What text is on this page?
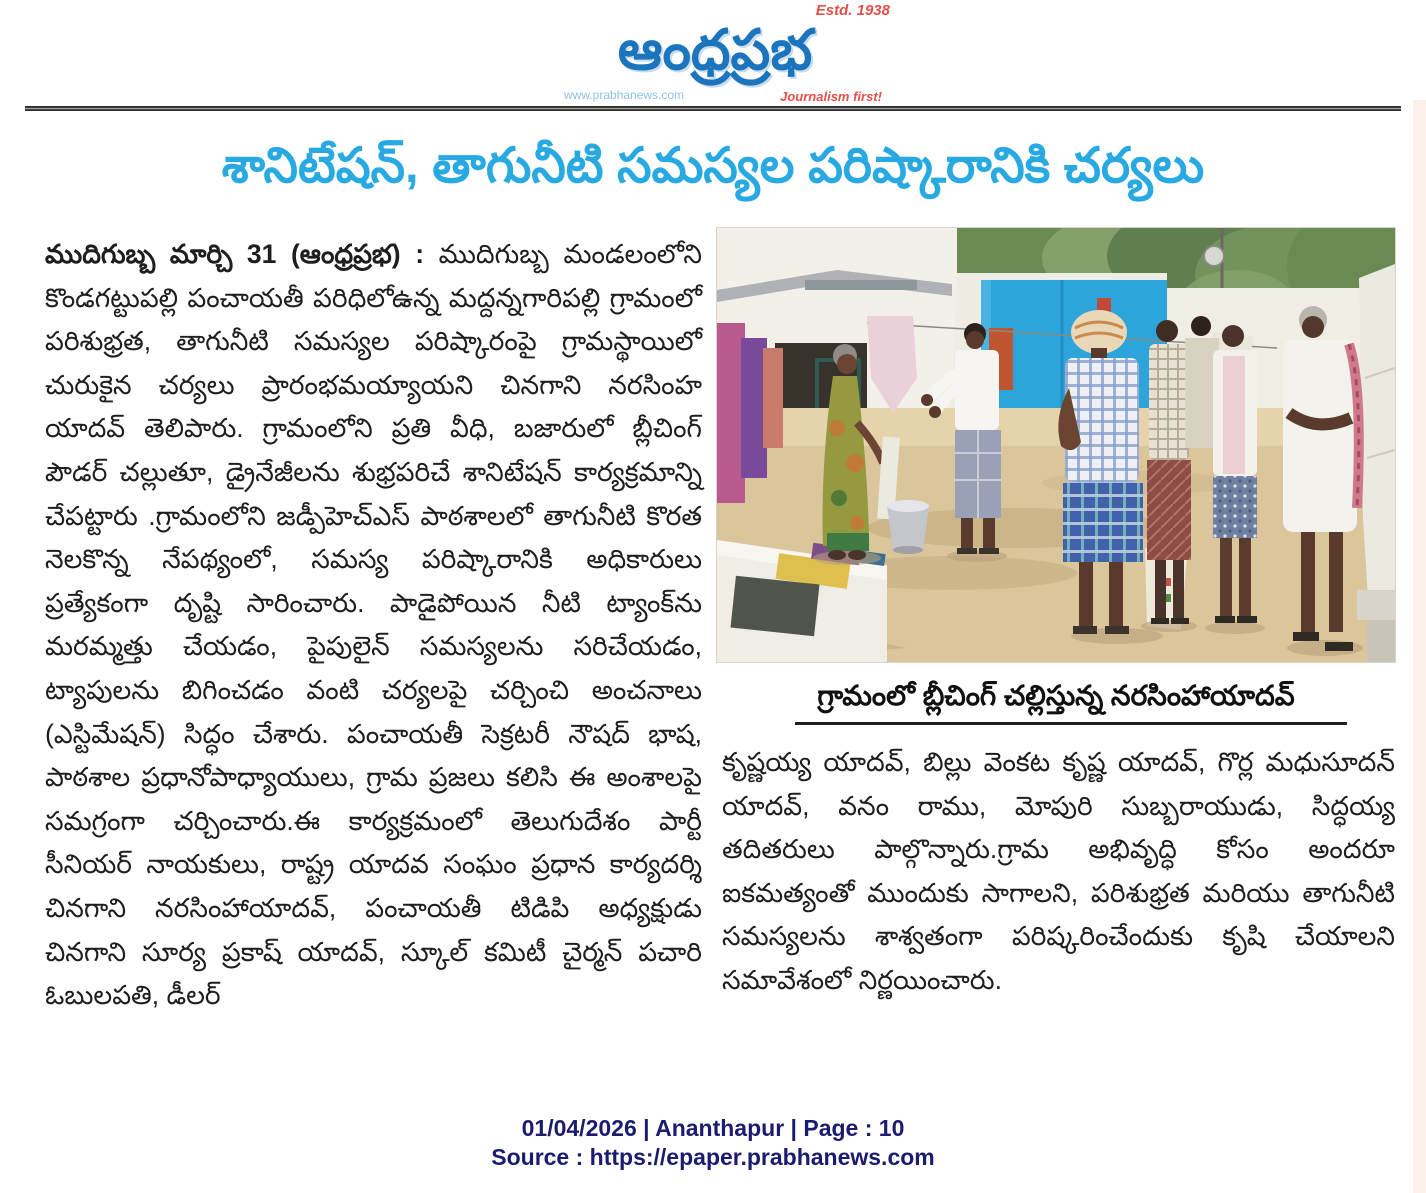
Estd. 1938
ఆంధ్రప్రభ
www.prabhanews.com	Journalism first!
శానిటేషన్, తాగునీటి సమస్యల పరిష్కారానికి చర్యలు
ముదిగుబ్బ మార్చి 31 (ఆంధ్రప్రభ) : ముదిగుబ్బ మండలంలోని కొండగట్టుపల్లి పంచాయతీ పరిధిలోఉన్న మద్దన్నగారిపల్లి గ్రామంలో పరిశుభ్రత, తాగునీటి సమస్యల పరిష్కారంపై గ్రామస్థాయిలో చురుకైన చర్యలు ప్రారంభమయ్యాయని చినగాని నరసింహ యాదవ్ తెలిపారు. గ్రామంలోని ప్రతి వీధి, బజారులో బ్లీచింగ్ పౌడర్ చల్లుతూ, డ్రైనేజీలను శుభ్రపరిచే శానిటేషన్ కార్యక్రమాన్ని చేపట్టారు .గ్రామంలోని జడ్పీహెచ్ఎస్ పాఠశాలలో తాగునీటి కొరత నెలకొన్న నేపథ్యంలో, సమస్య పరిష్కారానికి అధికారులు ప్రత్యేకంగా దృష్టి సారించారు. పాడైపోయిన నీటి ట్యాంక్‌ను మరమ్మత్తు చేయడం, పైపులైన్ సమస్యలను సరిచేయడం, ట్యాపులను బిగించడం వంటి చర్యలపై చర్చించి అంచనాలు (ఎస్టిమేషన్) సిద్ధం చేశారు. పంచాయతీ సెక్రటరీ నౌషద్ భాష, పాఠశాల ప్రధానోపాధ్యాయులు, గ్రామ ప్రజలు కలిసి ఈ అంశాలపై సమగ్రంగా చర్చించారు.ఈ కార్యక్రమంలో తెలుగుదేశం పార్టీ సీనియర్ నాయకులు, రాష్ట్ర యాదవ సంఘం ప్రధాన కార్యదర్శి చినగాని నరసింహాయాదవ్, పంచాయతీ టిడిపి అధ్యక్షుడు చినగాని సూర్య ప్రకాష్ యాదవ్, స్కూల్ కమిటీ చైర్మన్ పచారి ఓబులపతి, డీలర్
గ్రామంలో బ్లీచింగ్ చల్లిస్తున్న నరసింహాయాదవ్
కృష్ణయ్య యాదవ్, బిల్లు వెంకట కృష్ణ యాదవ్, గొర్ల మధుసూదన్ యాదవ్, వనం రాము, మోపురి సుబ్బరాయుడు, సిద్ధయ్య తదితరులు పాల్గొన్నారు.గ్రామ అభివృద్ధి కోసం అందరూ ఐకమత్యంతో ముందుకు సాగాలని, పరిశుభ్రత మరియు తాగునీటి సమస్యలను శాశ్వతంగా పరిష్కరించేందుకు కృషి చేయాలని సమావేశంలో నిర్ణయించారు.
01/04/2026 | Ananthapur | Page : 10
Source : https://epaper.prabhanews.com
